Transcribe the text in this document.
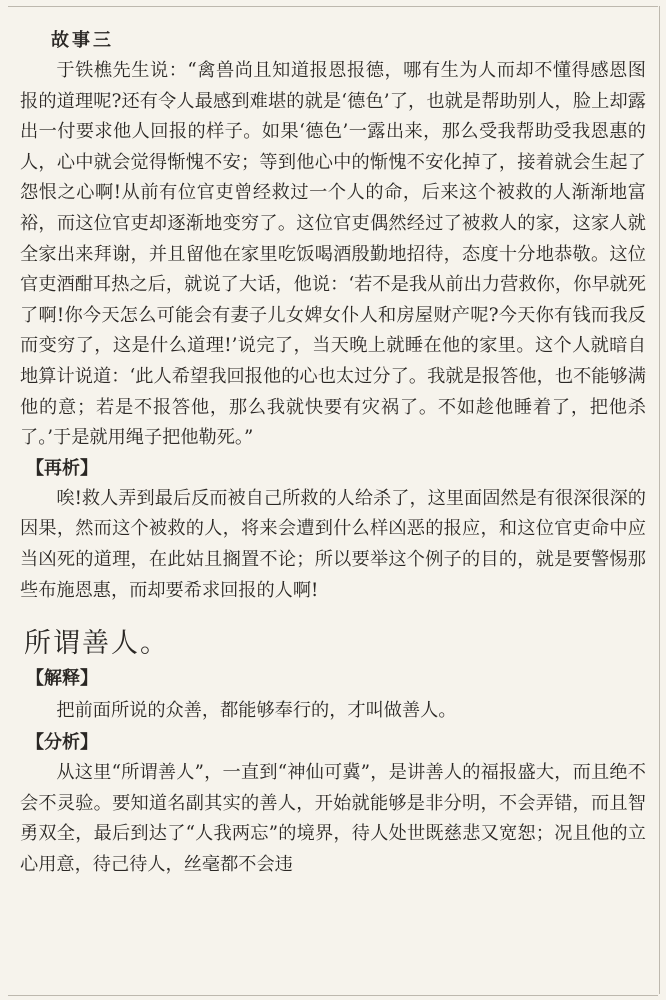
故事三

于铁樵先生说：“禽兽尚且知道报恩报德，哪有生为人而却不懂得感恩图报的道理呢?还有令人最感到难堪的就是‘德色’了，也就是帮助别人，脸上却露出一付要求他人回报的样子。如果‘德色’一露出来，那么受我帮助受我恩惠的人，心中就会觉得惭愧不安；等到他心中的惭愧不安化掉了，接着就会生起了怨恨之心啊!从前有位官吏曾经救过一个人的命，后来这个被救的人渐渐地富裕，而这位官吏却逐渐地变穷了。这位官吏偶然经过了被救人的家，这家人就全家出来拜谢，并且留他在家里吃饭喝酒殷勤地招待，态度十分地恭敬。这位官吏酒酣耳热之后，就说了大话，他说：‘若不是我从前出力营救你，你早就死了啊!你今天怎么可能会有妻子儿女婢女仆人和房屋财产呢?今天你有钱而我反而变穷了，这是什么道理!’说完了，当天晚上就睡在他的家里。这个人就暗自地算计说道：‘此人希望我回报他的心也太过分了。我就是报答他，也不能够满他的意；若是不报答他，那么我就快要有灾祸了。不如趁他睡着了，把他杀了。’于是就用绳子把他勒死。”

【再析】

唉!救人弄到最后反而被自己所救的人给杀了，这里面固然是有很深很深的因果，然而这个被救的人，将来会遭到什么样凶恶的报应，和这位官吏命中应当凶死的道理，在此姑且搁置不论；所以要举这个例子的目的，就是要警惕那些布施恩惠，而却要希求回报的人啊!

所谓善人。
【解释】

把前面所说的众善，都能够奉行的，才叫做善人。

【分析】

从这里“所谓善人”，一直到“神仙可冀”，是讲善人的福报盛大，而且绝不会不灵验。要知道名副其实的善人，开始就能够是非分明，不会弄错，而且智勇双全，最后到达了“人我两忘”的境界，待人处世既慈悲又宽恕；况且他的立心用意，待己待人，丝毫都不会违
